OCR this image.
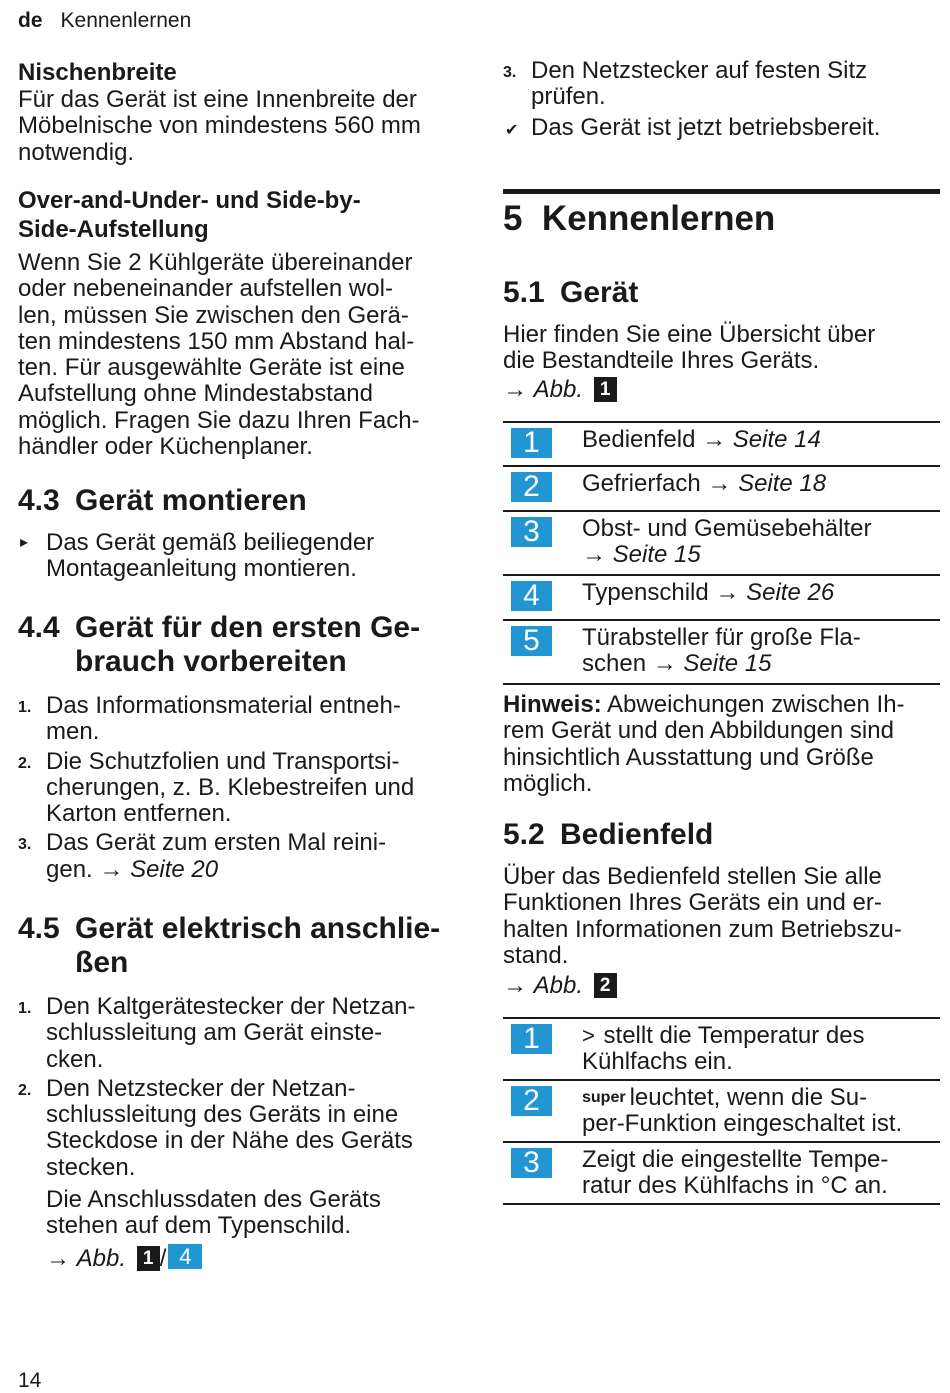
de Kennenlernen
Nischenbreite

Für das Gerät ist eine Innenbreite der Möbelnische von mindestens 560 mm notwendig.

Over-and-Under- und Side-by-
Side-Aufstellung

Wenn Sie 2 Kühlgeräte übereinander

oder nebeneinander aufstellen wol-

len, müssen Sie zwischen den Gerä-

ten mindestens 150 mm Abstand hal-

ten. Für ausgewählte Geräte ist eine

Aufstellung ohne Mindestabstand

möglich. Fragen Sie dazu Ihren Fach-

händler oder Küchenplaner.

4.3 Gerät montieren
▸ Das Gerät gemäß beiliegender
Montageanleitung montieren.
4.4 Gerät für den ersten Ge-
brauch vorbereiten
1. Das Informationsmaterial entneh-
men.
2. Die Schutzfolien und Transportsi-
cherungen, z. B. Klebestreifen und
Karton entfernen.
3. Das Gerät zum ersten Mal reini-
gen. → Seite 20
4.5 Gerät elektrisch anschlie-
ßen
1. Den Kaltgerätestecker der Netzan-
schlussleitung am Gerät einste-
cken.
2. Den Netzstecker der Netzan-
schlussleitung des Geräts in eine
Steckdose in der Nähe des Geräts
stecken.
Die Anschlussdaten des Geräts
stehen auf dem Typenschild.
→ Abb. 1 / 4
3. Den Netzstecker auf festen Sitz
prüfen.
✔ Das Gerät ist jetzt betriebsbereit.
5 Kennenlernen
5.1 Gerät

Hier finden Sie eine Übersicht über

die Bestandteile Ihres Geräts.

→ Abb. 1

1	Bedienfeld → Seite 14
2	Gefrierfach → Seite 18
3	Obst- und Gemüsebehälter
→ Seite 15
4	Typenschild → Seite 26
5	Türabsteller für große Fla-
schen → Seite 15

Hinweis: Abweichungen zwischen Ih-

rem Gerät und den Abbildungen sind

hinsichtlich Ausstattung und Größe

möglich.

5.2 Bedienfeld

Über das Bedienfeld stellen Sie alle

Funktionen Ihres Geräts ein und er-

halten Informationen zum Betriebszu-

stand.

→ Abb. 2

1	> stellt die Temperatur des
Kühlfachs ein.
2	super leuchtet, wenn die Su-
per-Funktion eingeschaltet ist.
3	Zeigt die eingestellte Tempe-
ratur des Kühlfachs in °C an.
14
